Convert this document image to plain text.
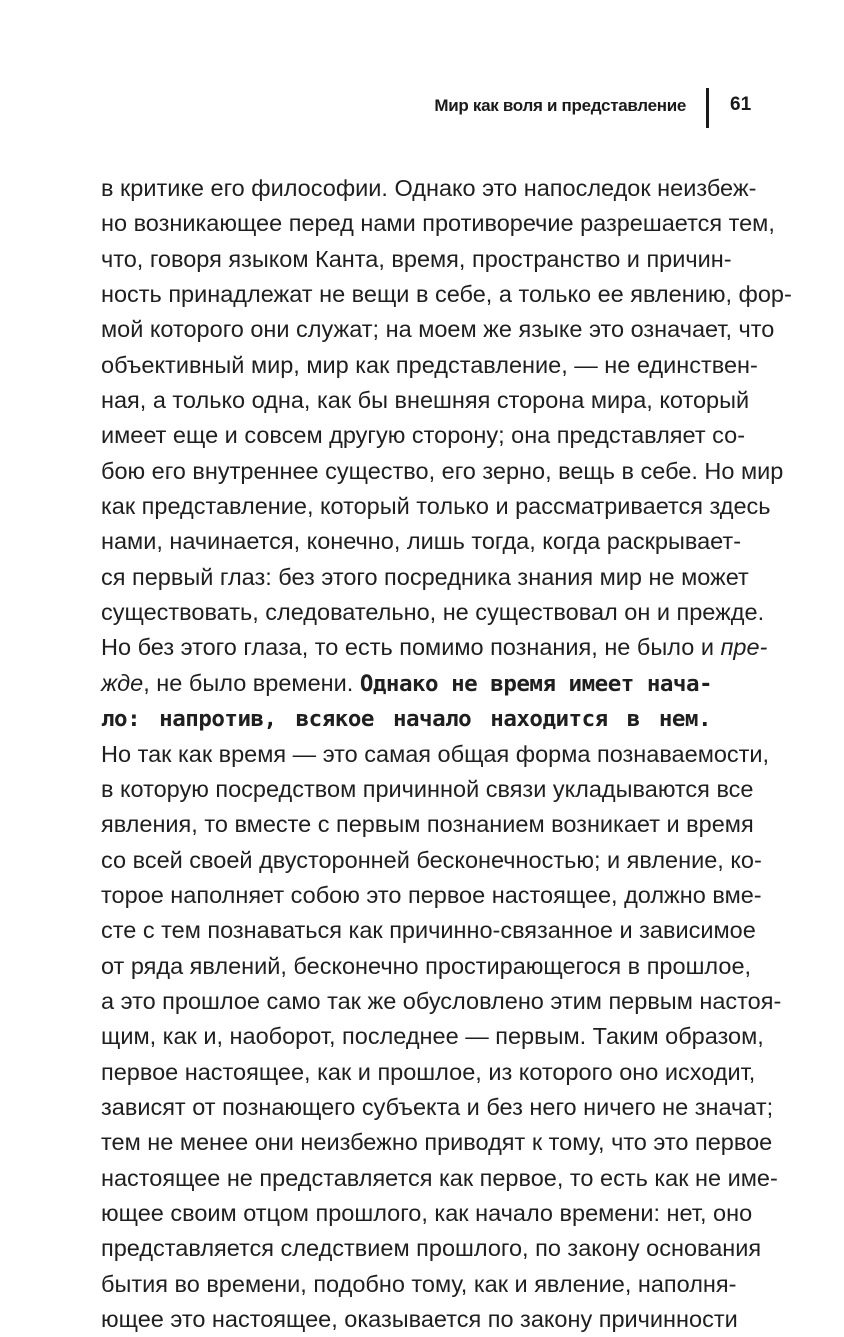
Мир как воля и представление 61
в критике его философии. Однако это напоследок неизбеж-
но возникающее перед нами противоречие разрешается тем,
что, говоря языком Канта, время, пространство и причин-
ность принадлежат не вещи в себе, а только ее явлению, фор-
мой которого они служат; на моем же языке это означает, что
объективный мир, мир как представление, — не единствен-
ная, а только одна, как бы внешняя сторона мира, который
имеет еще и совсем другую сторону; она представляет со-
бою его внутреннее существо, его зерно, вещь в себе. Но мир
как представление, который только и рассматривается здесь
нами, начинается, конечно, лишь тогда, когда раскрывает-
ся первый глаз: без этого посредника знания мир не может
существовать, следовательно, не существовал он и прежде.
Но без этого глаза, то есть помимо познания, не было и пре-
жде, не было времени. Однако не время имеет нача-
ло: напротив, всякое начало находится в нем.
Но так как время — это самая общая форма познаваемости,
в которую посредством причинной связи укладываются все
явления, то вместе с первым познанием возникает и время
со всей своей двусторонней бесконечностью; и явление, ко-
торое наполняет собою это первое настоящее, должно вме-
сте с тем познаваться как причинно-связанное и зависимое
от ряда явлений, бесконечно простирающегося в прошлое,
а это прошлое само так же обусловлено этим первым настоя-
щим, как и, наоборот, последнее — первым. Таким образом,
первое настоящее, как и прошлое, из которого оно исходит,
зависят от познающего субъекта и без него ничего не значат;
тем не менее они неизбежно приводят к тому, что это первое
настоящее не представляется как первое, то есть как не име-
ющее своим отцом прошлого, как начало времени: нет, оно
представляется следствием прошлого, по закону основания
бытия во времени, подобно тому, как и явление, наполня-
ющее это настоящее, оказывается по закону причинности
